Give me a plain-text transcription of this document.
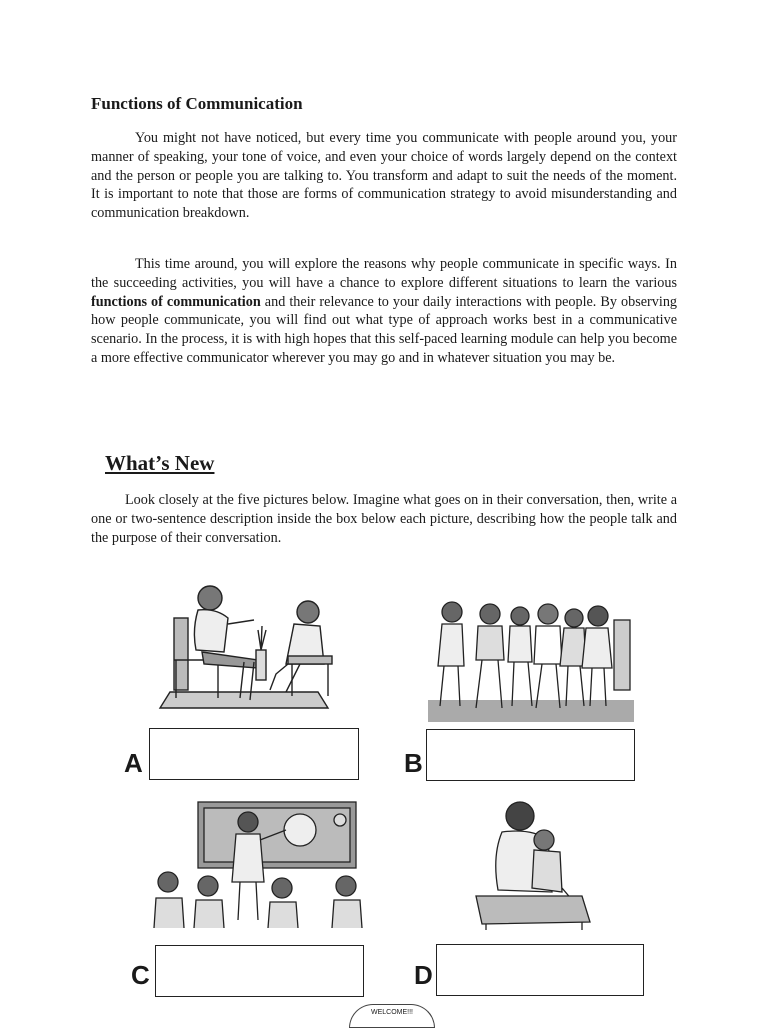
Functions of Communication

You might not have noticed, but every time you communicate with people around you, your manner of speaking, your tone of voice, and even your choice of words largely depend on the context and the person or people you are talking to. You transform and adapt to suit the needs of the moment. It is important to note that those are forms of communication strategy to avoid misunderstanding and communication breakdown.

This time around, you will explore the reasons why people communicate in specific ways. In the succeeding activities, you will have a chance to explore different situations to learn the various functions of communication and their relevance to your daily interactions with people. By observing how people communicate, you will find out what type of approach works best in a communicative scenario. In the process, it is with high hopes that this self-paced learning module can help you become a more effective communicator wherever you may go and in whatever situation you may be.

What’s New

Look closely at the five pictures below. Imagine what goes on in their conversation, then, write a one or two-sentence description inside the box below each picture, describing how the people talk and the purpose of their conversation.

A	B
C	D
WELCOME!!!
